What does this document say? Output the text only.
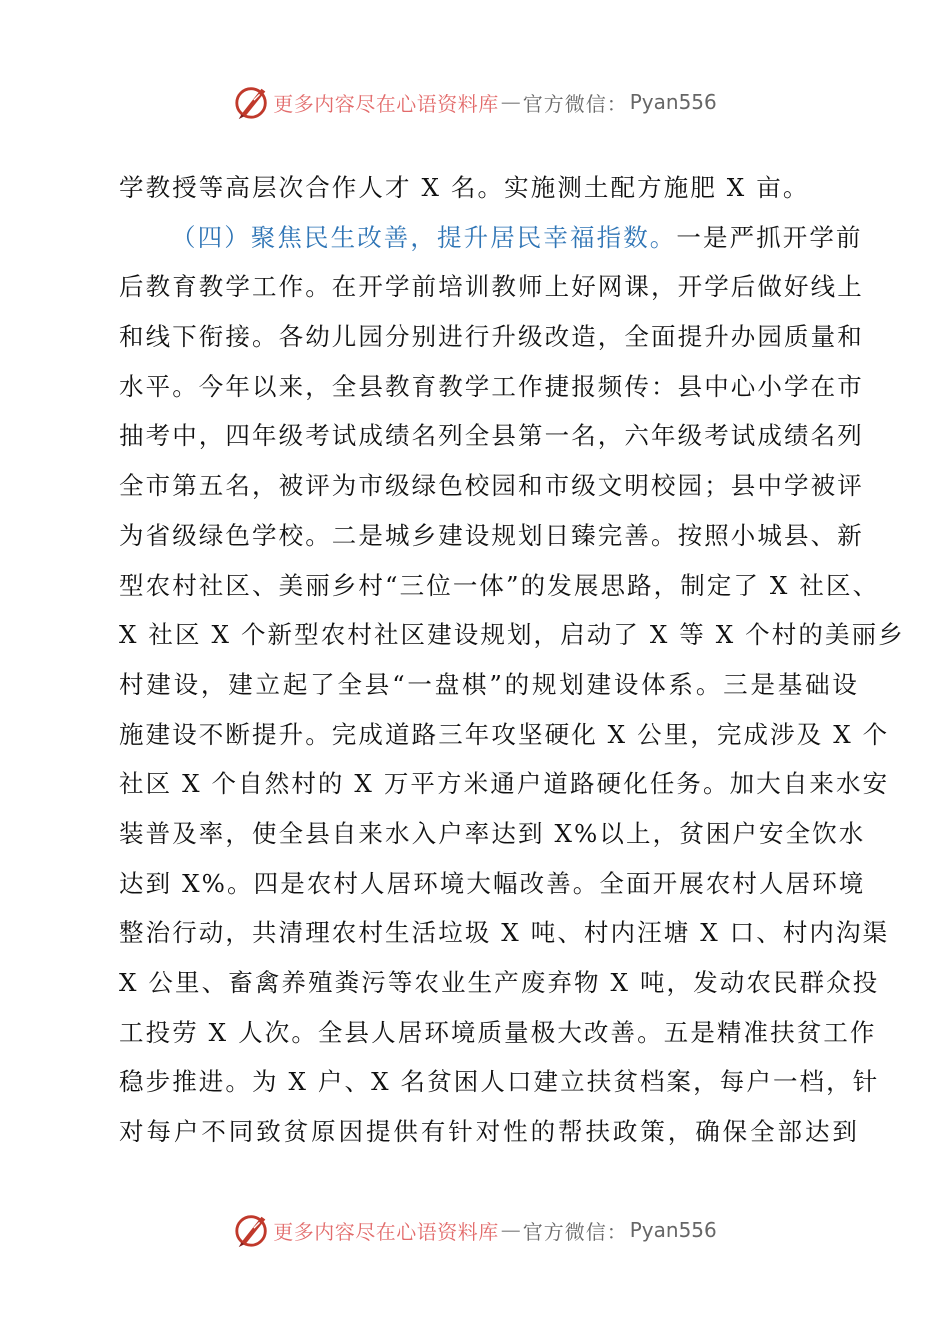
更多内容尽在心语资料库 — 官方微信： Pyan556
学教授等高层次合作人才 X 名。实施测土配方施肥 X 亩。
（四）聚焦民生改善，提升居民幸福指数。一是严抓开学前
后教育教学工作。在开学前培训教师上好网课，开学后做好线上
和线下衔接。各幼儿园分别进行升级改造，全面提升办园质量和
水平。今年以来，全县教育教学工作捷报频传：县中心小学在市
抽考中，四年级考试成绩名列全县第一名，六年级考试成绩名列
全市第五名，被评为市级绿色校园和市级文明校园；县中学被评
为省级绿色学校。二是城乡建设规划日臻完善。按照小城县、新
型农村社区、美丽乡村“三位一体”的发展思路，制定了 X 社区、
X 社区 X 个新型农村社区建设规划，启动了 X 等 X 个村的美丽乡
村建设，建立起了全县“一盘棋”的规划建设体系。三是基础设
施建设不断提升。完成道路三年攻坚硬化 X 公里，完成涉及 X 个
社区 X 个自然村的 X 万平方米通户道路硬化任务。加大自来水安
装普及率，使全县自来水入户率达到 X%以上，贫困户安全饮水
达到 X%。四是农村人居环境大幅改善。全面开展农村人居环境
整治行动，共清理农村生活垃圾 X 吨、村内汪塘 X 口、村内沟渠
X 公里、畜禽养殖粪污等农业生产废弃物 X 吨，发动农民群众投
工投劳 X 人次。全县人居环境质量极大改善。五是精准扶贫工作
稳步推进。为 X 户、X 名贫困人口建立扶贫档案，每户一档，针
对每户不同致贫原因提供有针对性的帮扶政策，确保全部达到
更多内容尽在心语资料库 — 官方微信： Pyan556
